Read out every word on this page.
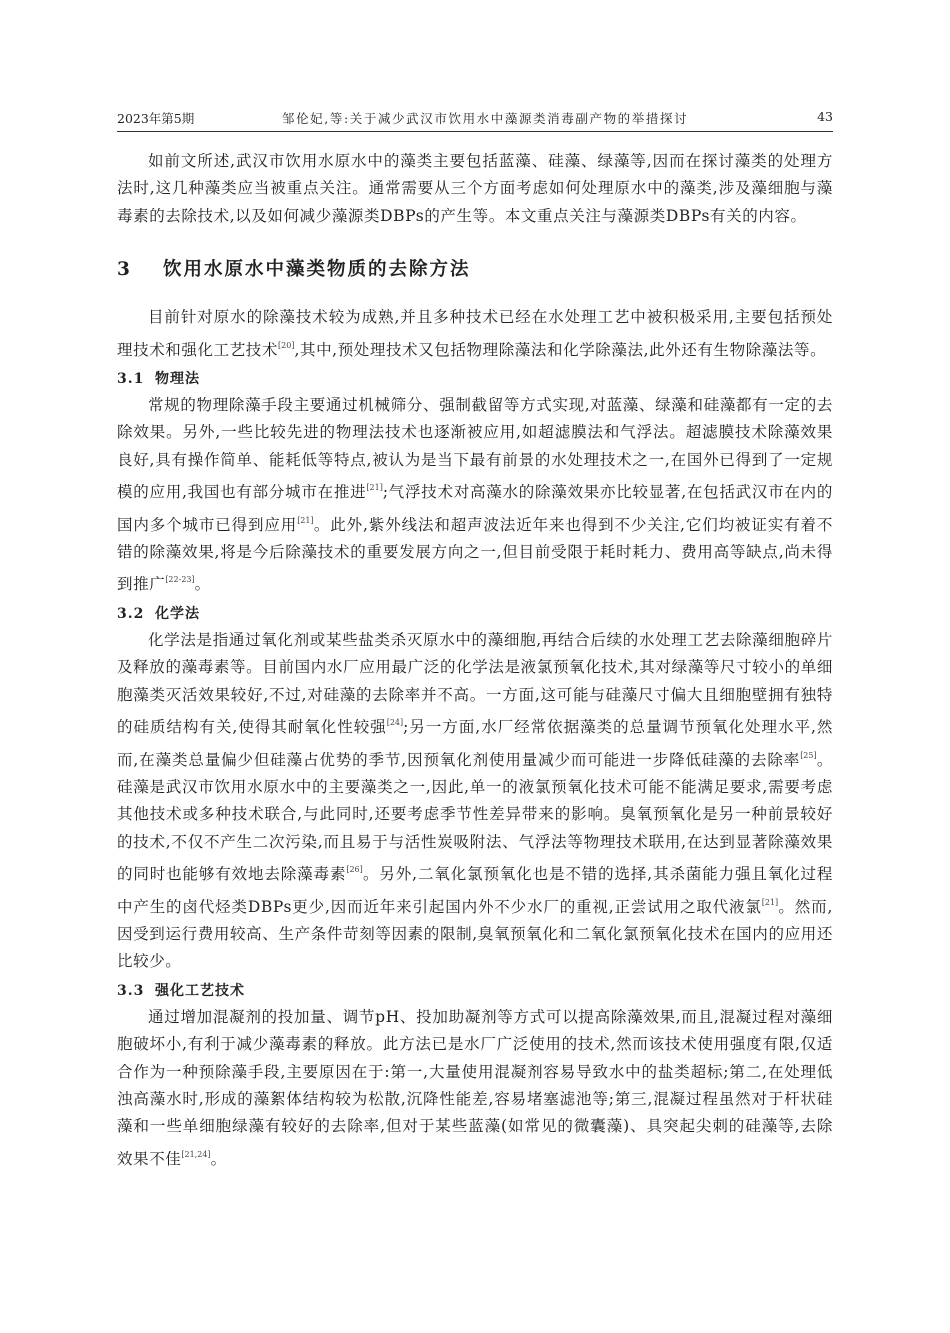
2023年第5期	邹伦妃,等:关于减少武汉市饮用水中藻源类消毒副产物的举措探讨	43

如前文所述,武汉市饮用水原水中的藻类主要包括蓝藻、硅藻、绿藻等,因而在探讨藻类的处理方法时,这几种藻类应当被重点关注。通常需要从三个方面考虑如何处理原水中的藻类,涉及藻细胞与藻毒素的去除技术,以及如何减少藻源类DBPs的产生等。本文重点关注与藻源类DBPs有关的内容。

3 饮用水原水中藻类物质的去除方法

目前针对原水的除藻技术较为成熟,并且多种技术已经在水处理工艺中被积极采用,主要包括预处理技术和强化工艺技术[20],其中,预处理技术又包括物理除藻法和化学除藻法,此外还有生物除藻法等。

3.1 物理法

常规的物理除藻手段主要通过机械筛分、强制截留等方式实现,对蓝藻、绿藻和硅藻都有一定的去除效果。另外,一些比较先进的物理法技术也逐渐被应用,如超滤膜法和气浮法。超滤膜技术除藻效果良好,具有操作简单、能耗低等特点,被认为是当下最有前景的水处理技术之一,在国外已得到了一定规模的应用,我国也有部分城市在推进[21];气浮技术对高藻水的除藻效果亦比较显著,在包括武汉市在内的国内多个城市已得到应用[21]。此外,紫外线法和超声波法近年来也得到不少关注,它们均被证实有着不错的除藻效果,将是今后除藻技术的重要发展方向之一,但目前受限于耗时耗力、费用高等缺点,尚未得到推广[22-23]。

3.2 化学法

化学法是指通过氧化剂或某些盐类杀灭原水中的藻细胞,再结合后续的水处理工艺去除藻细胞碎片及释放的藻毒素等。目前国内水厂应用最广泛的化学法是液氯预氧化技术,其对绿藻等尺寸较小的单细胞藻类灭活效果较好,不过,对硅藻的去除率并不高。一方面,这可能与硅藻尺寸偏大且细胞壁拥有独特的硅质结构有关,使得其耐氧化性较强[24];另一方面,水厂经常依据藻类的总量调节预氧化处理水平,然而,在藻类总量偏少但硅藻占优势的季节,因预氧化剂使用量减少而可能进一步降低硅藻的去除率[25]。硅藻是武汉市饮用水原水中的主要藻类之一,因此,单一的液氯预氧化技术可能不能满足要求,需要考虑其他技术或多种技术联合,与此同时,还要考虑季节性差异带来的影响。臭氧预氧化是另一种前景较好的技术,不仅不产生二次污染,而且易于与活性炭吸附法、气浮法等物理技术联用,在达到显著除藻效果的同时也能够有效地去除藻毒素[26]。另外,二氧化氯预氧化也是不错的选择,其杀菌能力强且氧化过程中产生的卤代烃类DBPs更少,因而近年来引起国内外不少水厂的重视,正尝试用之取代液氯[21]。然而,因受到运行费用较高、生产条件苛刻等因素的限制,臭氧预氧化和二氧化氯预氧化技术在国内的应用还比较少。

3.3 强化工艺技术

通过增加混凝剂的投加量、调节pH、投加助凝剂等方式可以提高除藻效果,而且,混凝过程对藻细胞破坏小,有利于减少藻毒素的释放。此方法已是水厂广泛使用的技术,然而该技术使用强度有限,仅适合作为一种预除藻手段,主要原因在于:第一,大量使用混凝剂容易导致水中的盐类超标;第二,在处理低浊高藻水时,形成的藻絮体结构较为松散,沉降性能差,容易堵塞滤池等;第三,混凝过程虽然对于杆状硅藻和一些单细胞绿藻有较好的去除率,但对于某些蓝藻(如常见的微囊藻)、具突起尖刺的硅藻等,去除效果不佳[21,24]。
